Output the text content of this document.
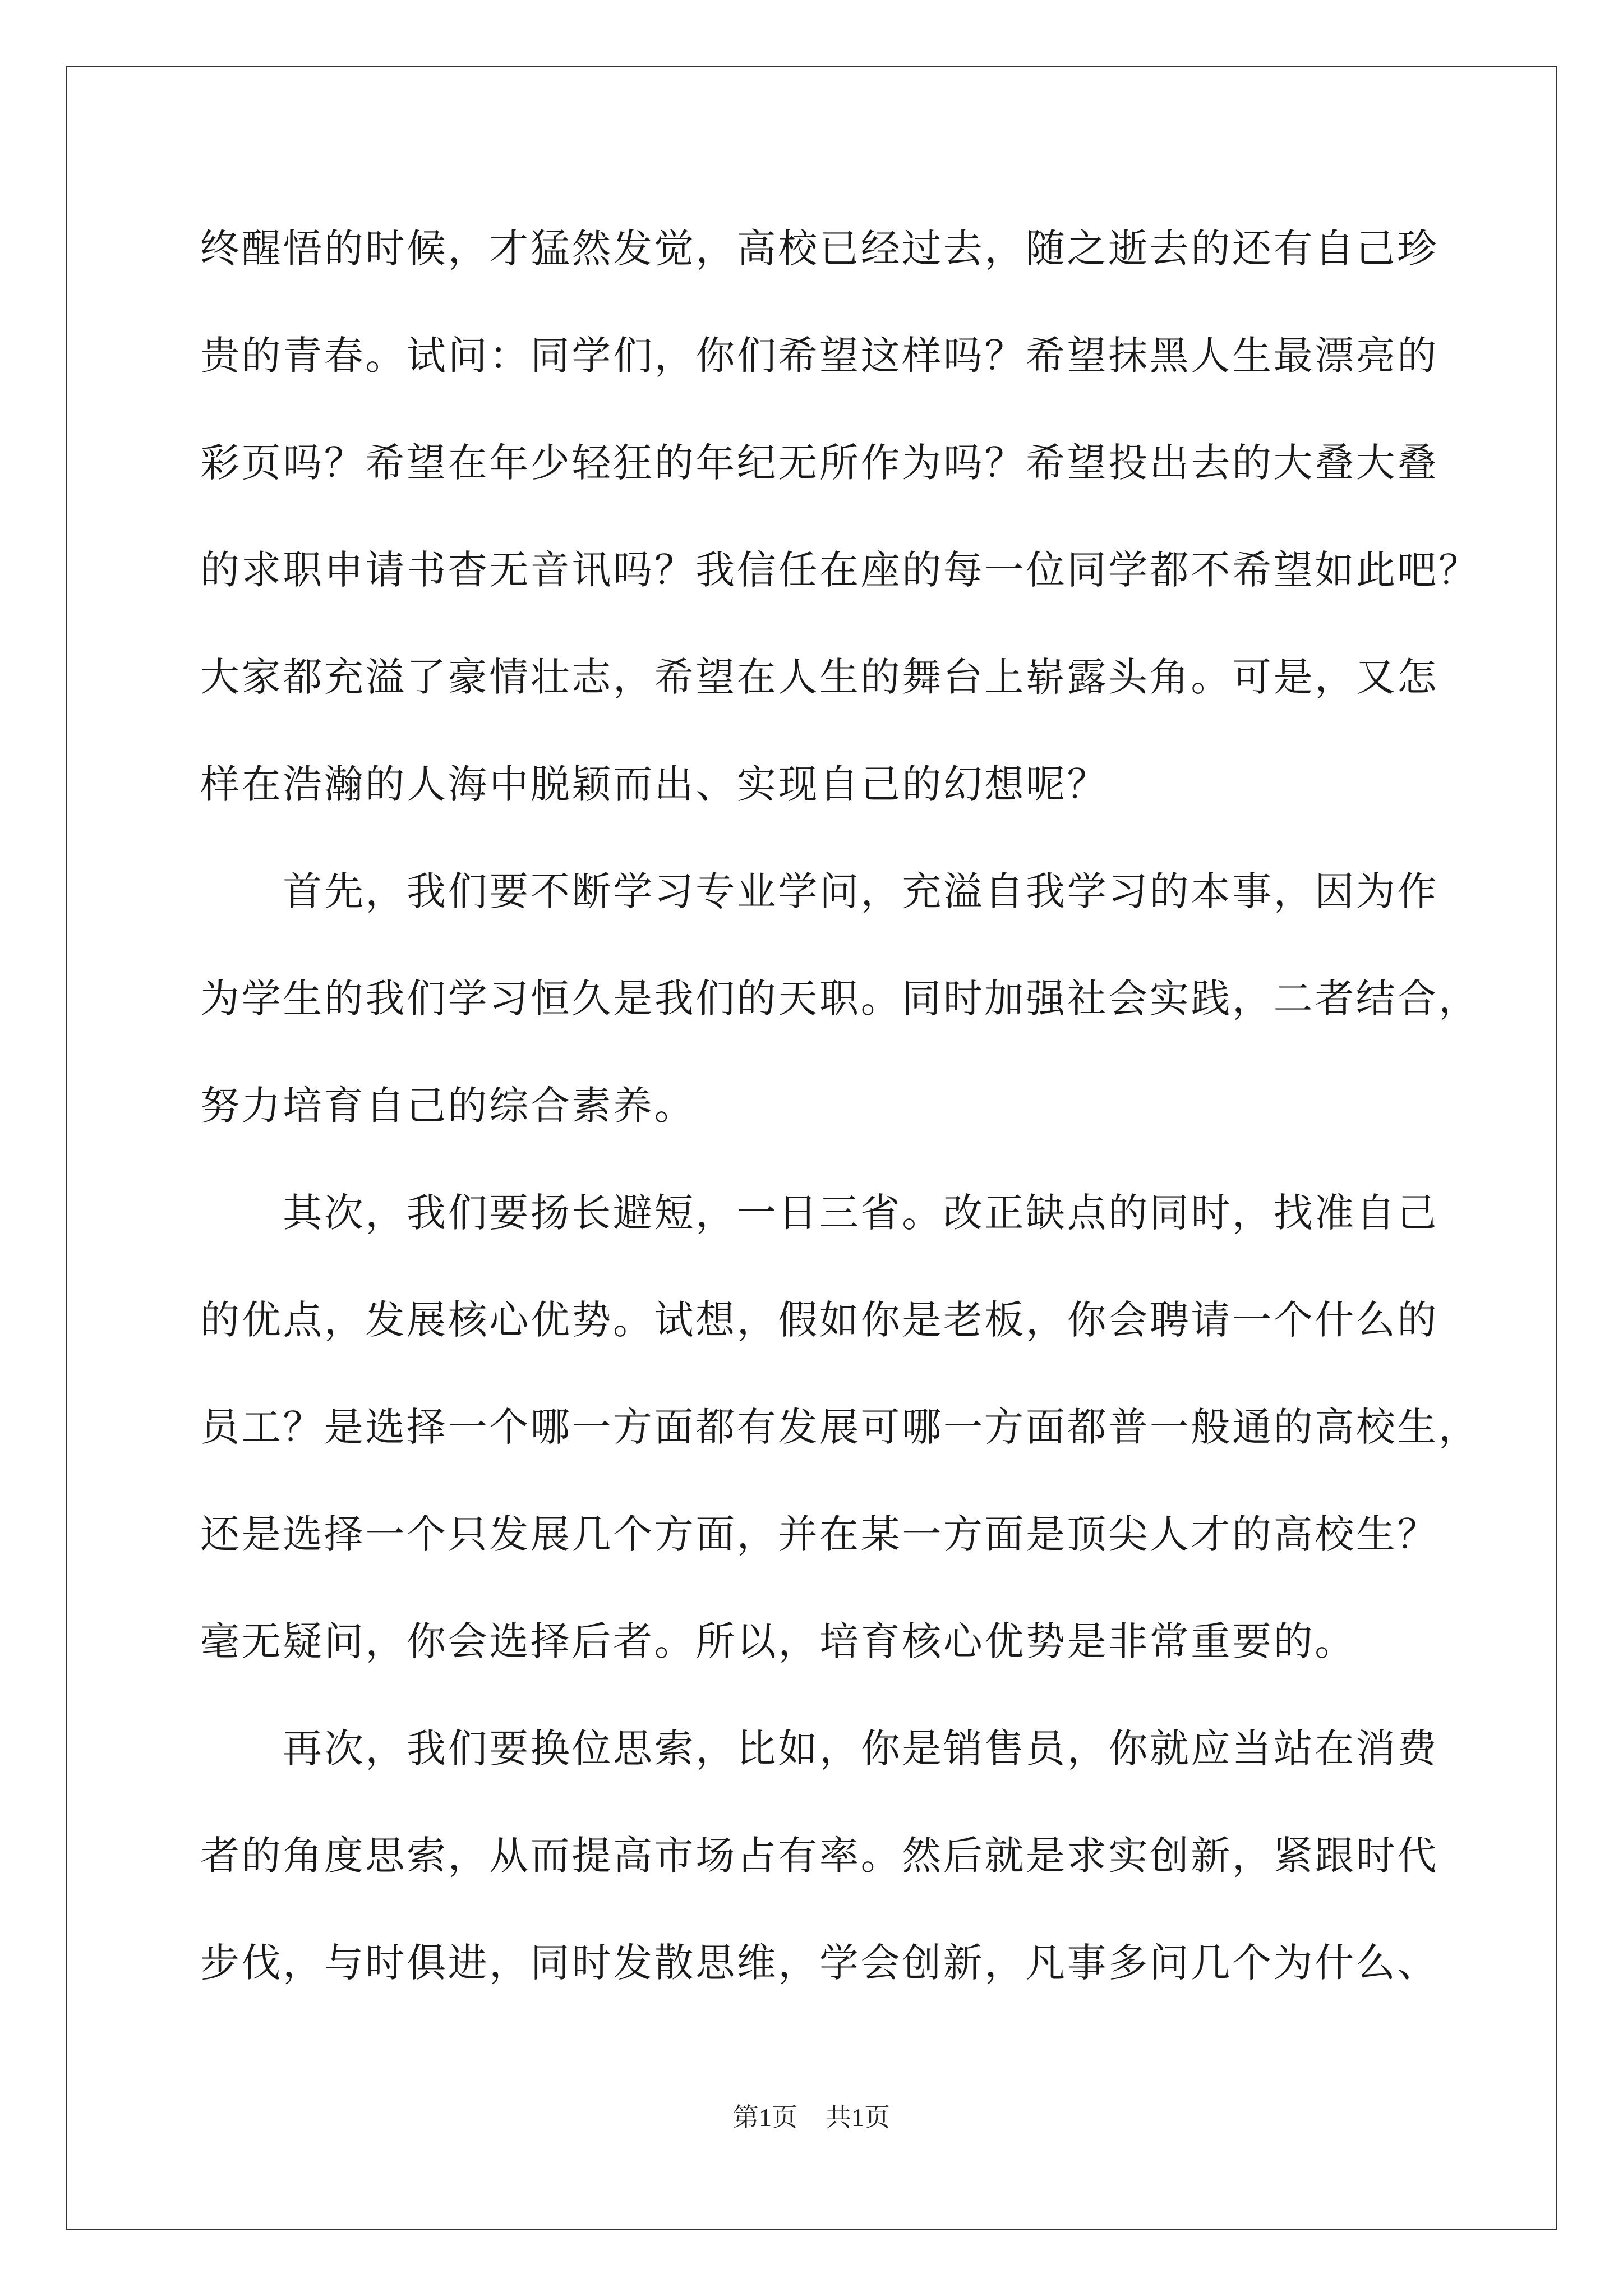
终醒悟的时候，才猛然发觉，高校已经过去，随之逝去的还有自己珍
贵的青春。试问：同学们，你们希望这样吗？希望抹黑人生最漂亮的
彩页吗？希望在年少轻狂的年纪无所作为吗？希望投出去的大叠大叠
的求职申请书杳无音讯吗？我信任在座的每一位同学都不希望如此吧？
大家都充溢了豪情壮志，希望在人生的舞台上崭露头角。可是，又怎
样在浩瀚的人海中脱颖而出、实现自己的幻想呢？
　　首先，我们要不断学习专业学问，充溢自我学习的本事，因为作
为学生的我们学习恒久是我们的天职。同时加强社会实践，二者结合，
努力培育自己的综合素养。
　　其次，我们要扬长避短，一日三省。改正缺点的同时，找准自己
的优点，发展核心优势。试想，假如你是老板，你会聘请一个什么的
员工？是选择一个哪一方面都有发展可哪一方面都普一般通的高校生，
还是选择一个只发展几个方面，并在某一方面是顶尖人才的高校生？
毫无疑问，你会选择后者。所以，培育核心优势是非常重要的。
　　再次，我们要换位思索，比如，你是销售员，你就应当站在消费
者的角度思索，从而提高市场占有率。然后就是求实创新，紧跟时代
步伐，与时俱进，同时发散思维，学会创新，凡事多问几个为什么、
第1页 共1页
